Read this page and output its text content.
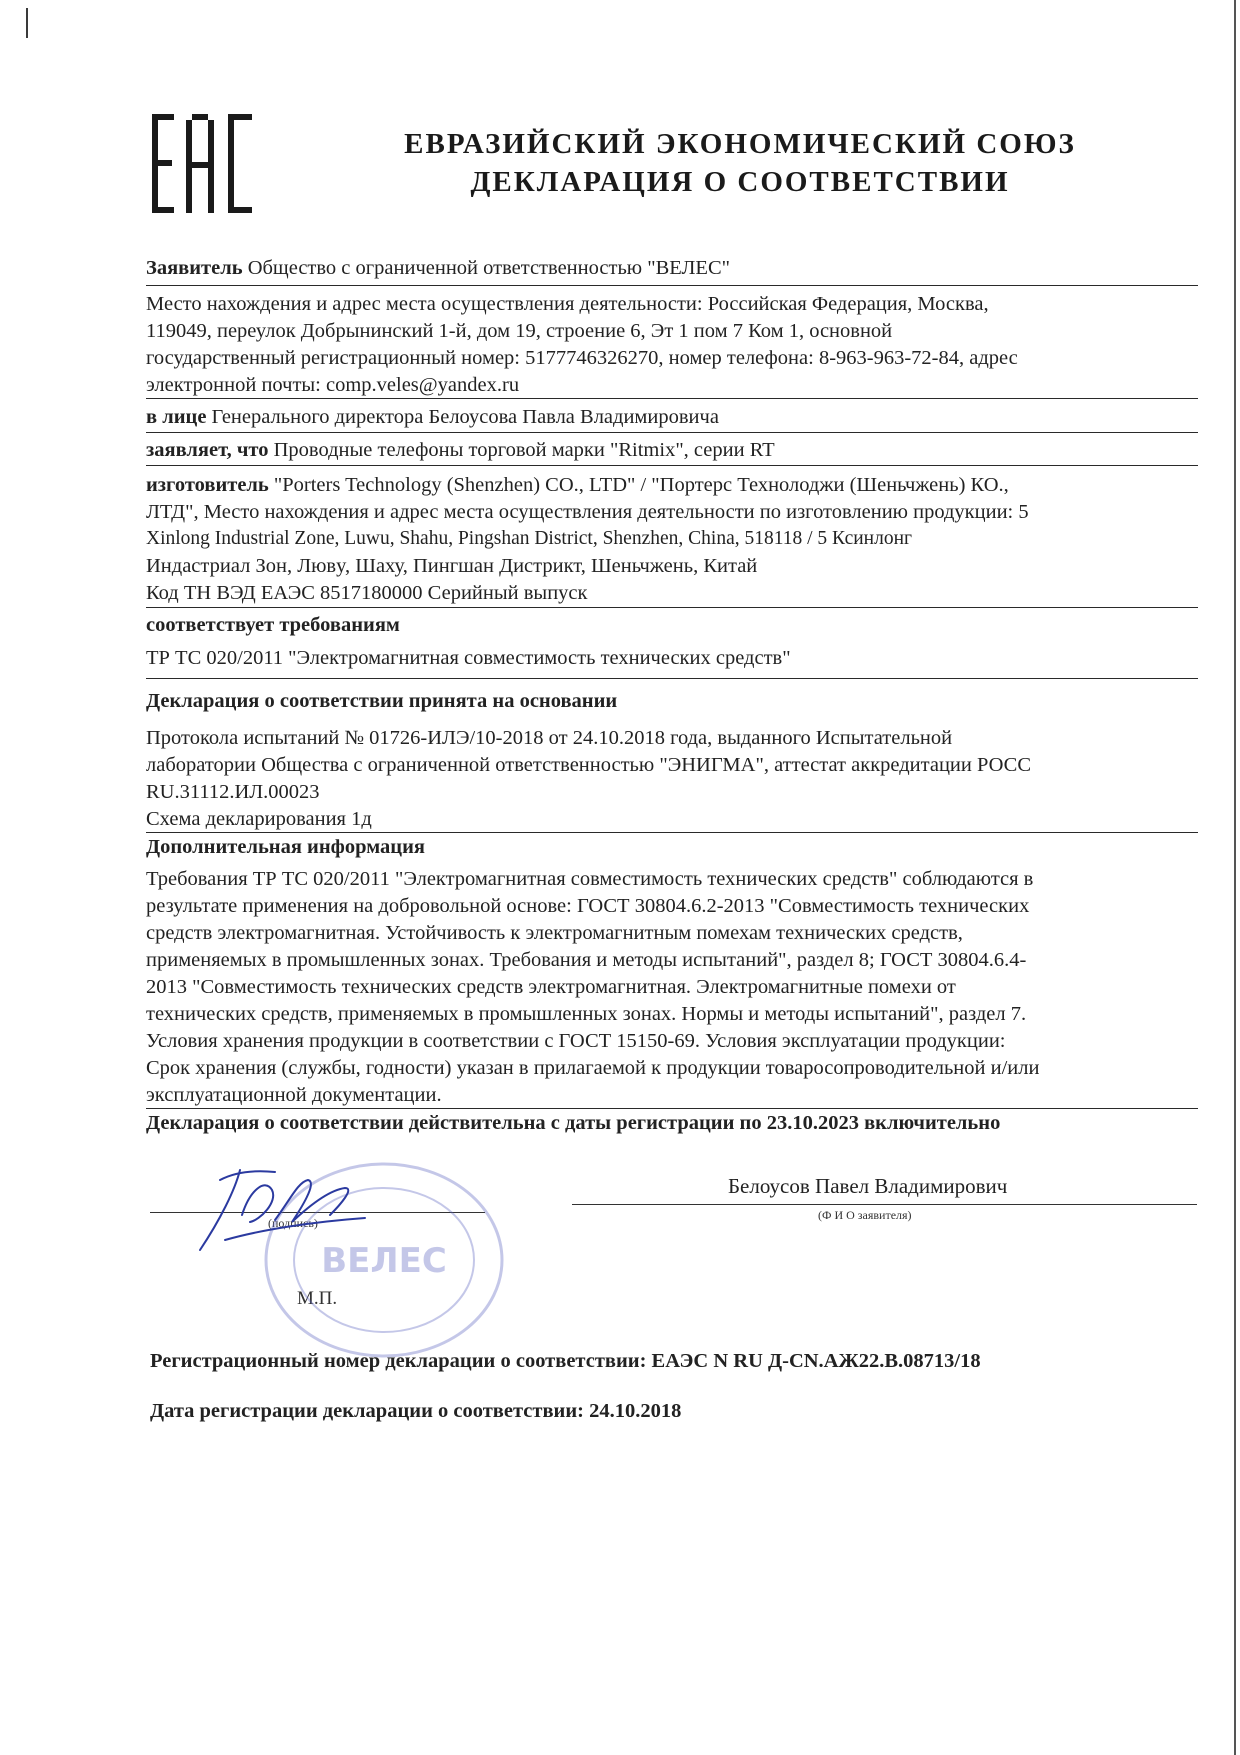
ЕВРАЗИЙСКИЙ ЭКОНОМИЧЕСКИЙ СОЮЗ
ДЕКЛАРАЦИЯ О СООТВЕТСТВИИ
Заявитель Общество с ограниченной ответственностью "ВЕЛЕС"
Место нахождения и адрес места осуществления деятельности: Российская Федерация, Москва,
119049, переулок Добрынинский 1-й, дом 19, строение 6, Эт 1 пом 7 Ком 1, основной
государственный регистрационный номер: 5177746326270, номер телефона: 8-963-963-72-84, адрес
электронной почты: comp.veles@yandex.ru
в лице Генерального директора Белоусова Павла Владимировича
заявляет, что Проводные телефоны торговой марки "Ritmix", серии RT
изготовитель "Porters Technology (Shenzhen) CO., LTD" / "Портерс Технолоджи (Шеньчжень) КО.,
ЛТД", Место нахождения и адрес места осуществления деятельности по изготовлению продукции: 5
Xinlong Industrial Zone, Luwu, Shahu, Pingshan District, Shenzhen, China, 518118 / 5 Ксинлонг
Индастриал Зон, Лювy, Шаху, Пингшан Дистрикт, Шеньчжень, Китай
Код ТН ВЭД ЕАЭС 8517180000 Серийный выпуск
соответствует требованиям
ТР ТС 020/2011 "Электромагнитная совместимость технических средств"
Декларация о соответствии принята на основании
Протокола испытаний № 01726-ИЛЭ/10-2018 от 24.10.2018 года, выданного Испытательной
лаборатории Общества с ограниченной ответственностью "ЭНИГМА", аттестат аккредитации РОСС
RU.31112.ИЛ.00023
Схема декларирования 1д
Дополнительная информация
Требования ТР ТС 020/2011 "Электромагнитная совместимость технических средств" соблюдаются в
результате применения на добровольной основе: ГОСТ 30804.6.2-2013 "Совместимость технических
средств электромагнитная. Устойчивость к электромагнитным помехам технических средств,
применяемых в промышленных зонах. Требования и методы испытаний", раздел 8; ГОСТ 30804.6.4-
2013 "Совместимость технических средств электромагнитная. Электромагнитные помехи от
технических средств, применяемых в промышленных зонах. Нормы и методы испытаний", раздел 7.
Условия хранения продукции в соответствии с ГОСТ 15150-69. Условия эксплуатации продукции:
Срок хранения (службы, годности) указан в прилагаемой к продукции товаросопроводительной и/или
эксплуатационной документации.
Декларация о соответствии действительна с даты регистрации по 23.10.2023 включительно
(подпись)
Белоусов Павел Владимирович
(Ф И О заявителя)
М.П.
ВЕЛЕС
Регистрационный номер декларации о соответствии: ЕАЭС N RU Д-CN.АЖ22.В.08713/18
Дата регистрации декларации о соответствии: 24.10.2018
